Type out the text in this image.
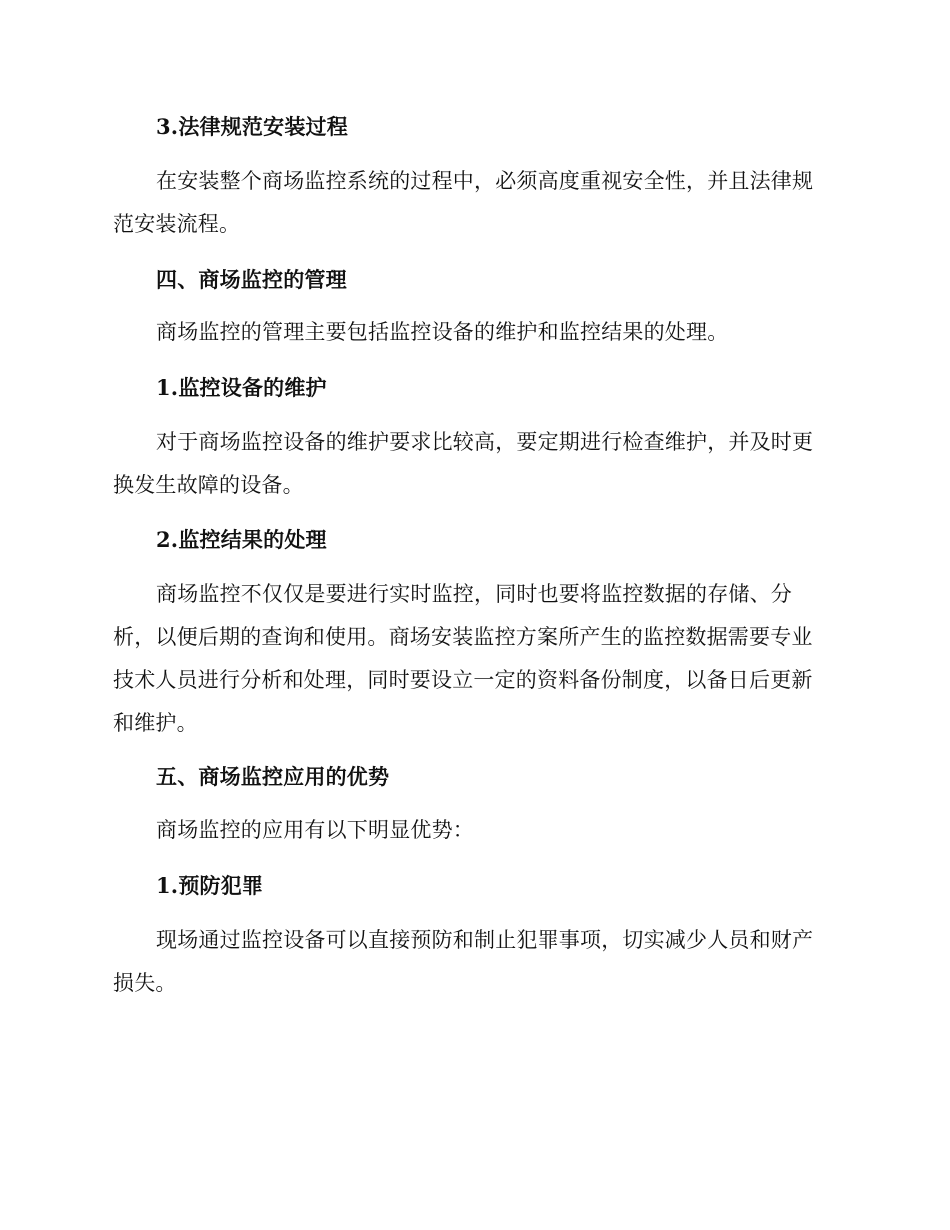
3.法律规范安装过程
在安装整个商场监控系统的过程中，必须高度重视安全性，并且法律规
范安装流程。
四、商场监控的管理
商场监控的管理主要包括监控设备的维护和监控结果的处理。
1.监控设备的维护
对于商场监控设备的维护要求比较高，要定期进行检查维护，并及时更
换发生故障的设备。
2.监控结果的处理
商场监控不仅仅是要进行实时监控，同时也要将监控数据的存储、分
析，以便后期的查询和使用。商场安装监控方案所产生的监控数据需要专业
技术人员进行分析和处理，同时要设立一定的资料备份制度，以备日后更新
和维护。
五、商场监控应用的优势
商场监控的应用有以下明显优势：
1.预防犯罪
现场通过监控设备可以直接预防和制止犯罪事项，切实减少人员和财产
损失。
